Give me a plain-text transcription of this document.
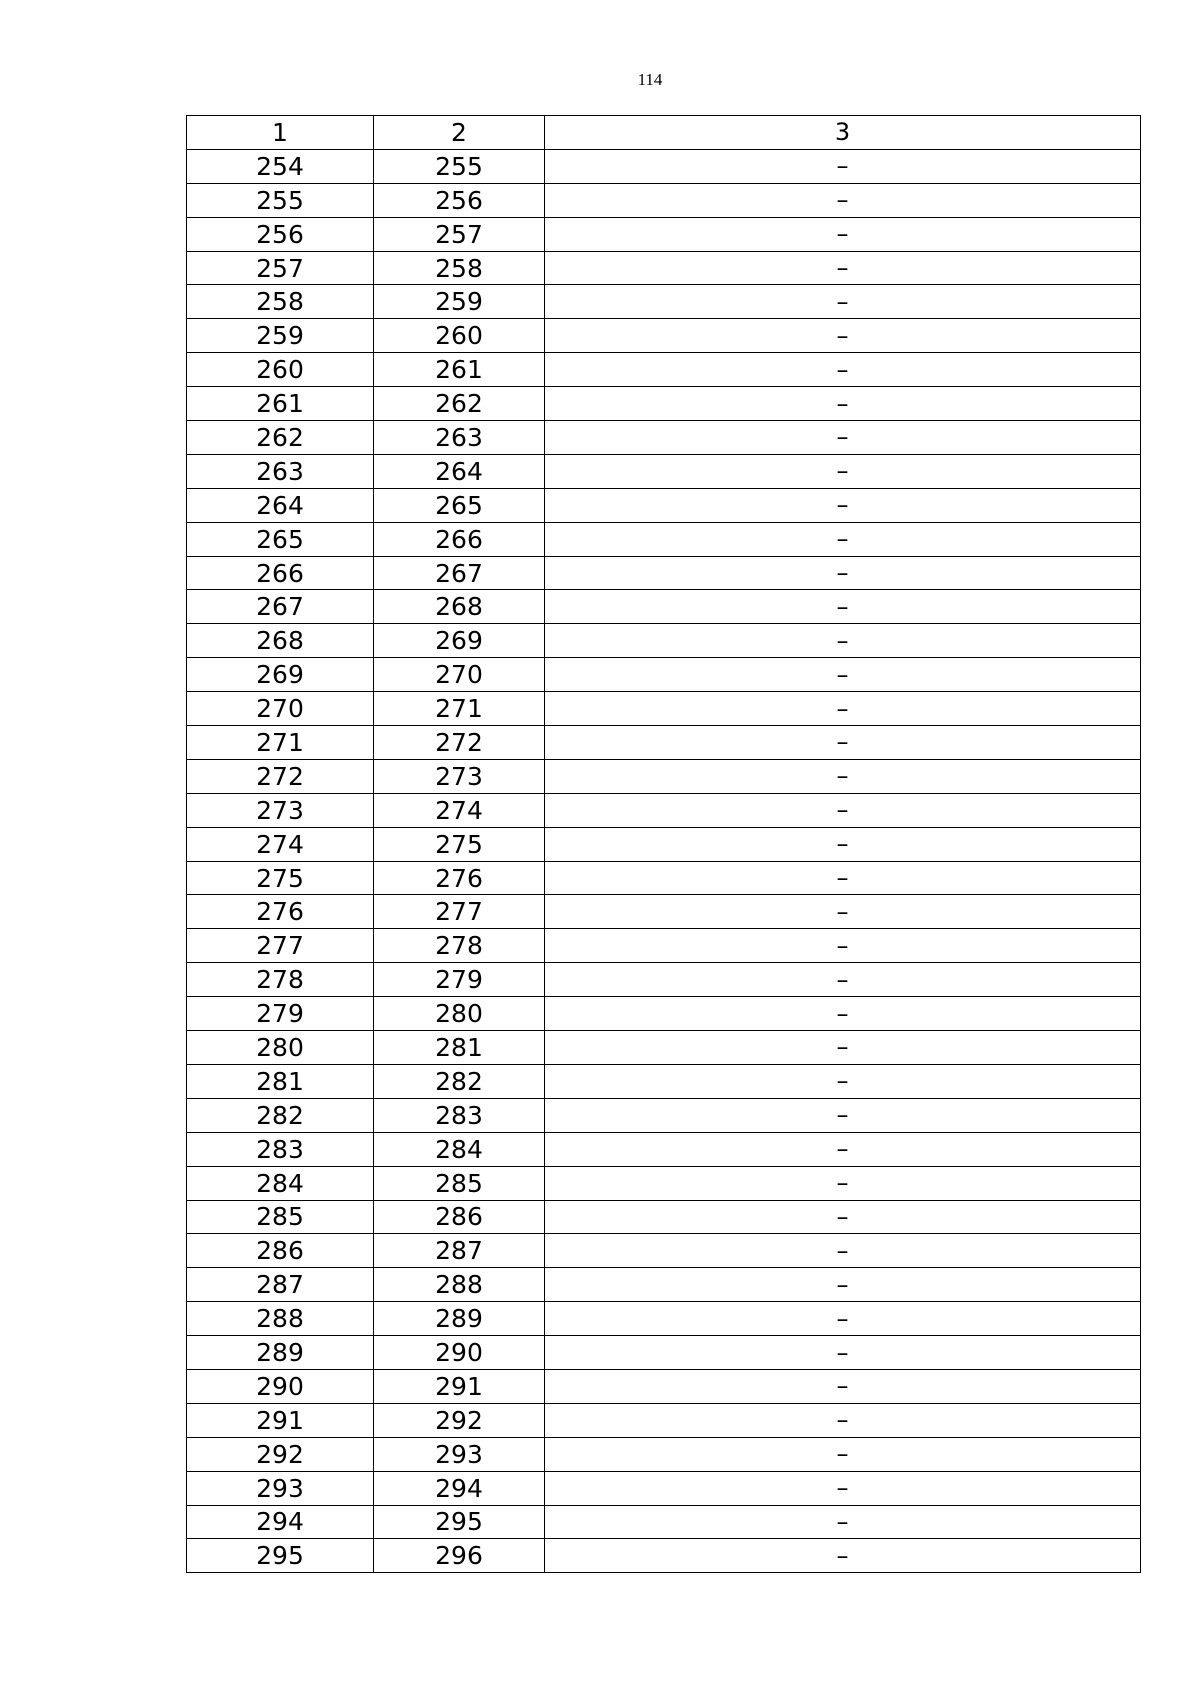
114
1	2	3
254	255	–
255	256	–
256	257	–
257	258	–
258	259	–
259	260	–
260	261	–
261	262	–
262	263	–
263	264	–
264	265	–
265	266	–
266	267	–
267	268	–
268	269	–
269	270	–
270	271	–
271	272	–
272	273	–
273	274	–
274	275	–
275	276	–
276	277	–
277	278	–
278	279	–
279	280	–
280	281	–
281	282	–
282	283	–
283	284	–
284	285	–
285	286	–
286	287	–
287	288	–
288	289	–
289	290	–
290	291	–
291	292	–
292	293	–
293	294	–
294	295	–
295	296	–
